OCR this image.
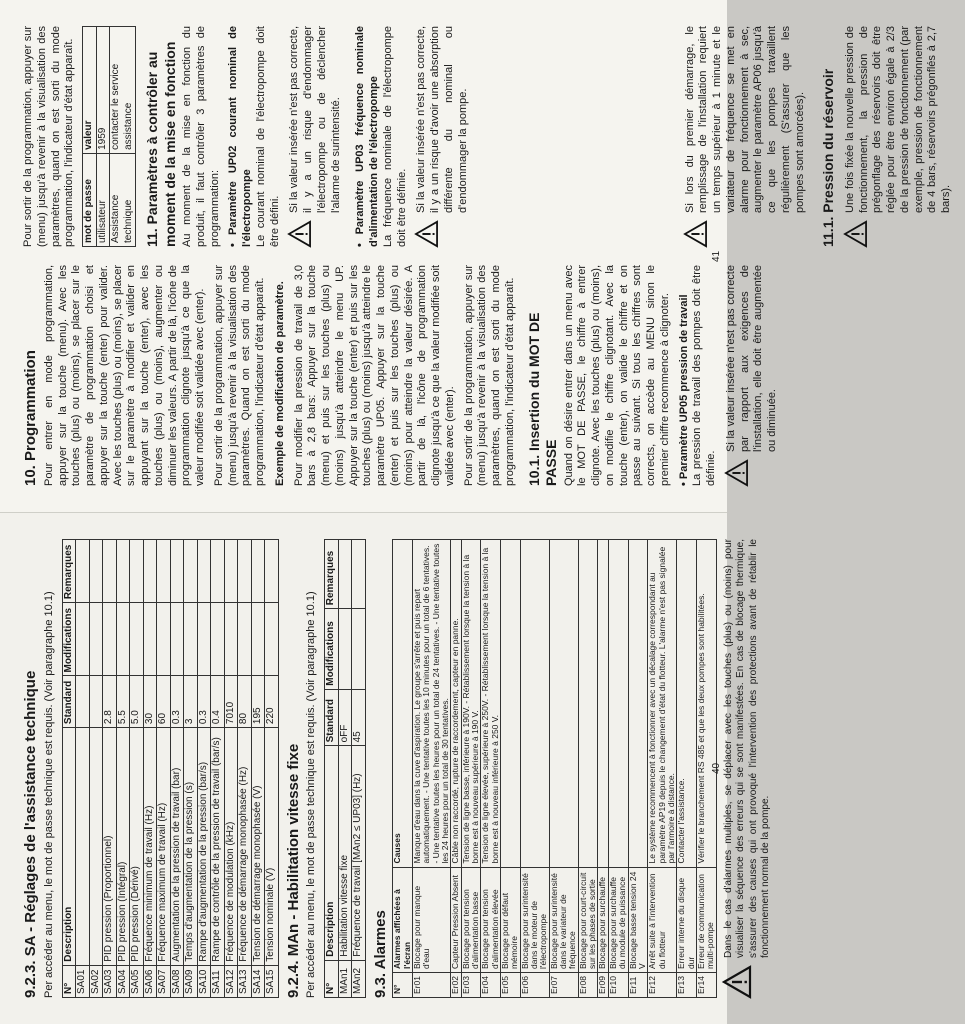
9.2.3. SA - Réglages de l'assistance technique Per accéder au menu, le mot de passe technique est requis. (Voir paragraphe 10.1) N°	Description	Standard	Modifications	Remarques
SA01				
SA02				
SA03	PID pression (Proportionnel)	2.8		
SA04	PID pression (Intégral)	5.5		
SA05	PID pression (Dérivé)	5.0		
SA06	Fréquence minimum de travail (Hz)	30		
SA07	Fréquence maximum de travail (Hz)	60		
SA08	Augmentation de la pression de travail (bar)	0.3		
SA09	Temps d'augmentation de la pression (s)	3		
SA10	Rampe d'augmentation de la pression (bar/s)	0.3		
SA11	Rampe de contrôle de la pression de travail (bar/s)	0.4		
SA12	Fréquence de modulation (kHz)	7010		
SA13	Fréquence de démarrage monophasée (Hz)	80		
SA14	Tension de démarrage monophasée (V)	195		
SA15	Tension nominale (V)	220		
9.2.4. MAn - Habilitation vitesse fixe Per accéder au menu, le mot de passe technique est requis. (Voir paragraphe 10.1) N°	Description	Standard	Modifications	Remarques
MAn1	Habilitation vitesse fixe	oFF		
MAn2	Fréquence de travail [MAn2 ≤ UP03] (Hz)	45		
9.3. Alarmes N°	Alarmes affichées à l'écran	Causes
Er01	Blocage pour manque d'eau	Manque d'eau dans la cuve d'aspiration. Le groupe s'arrête et puis repart automatiquement. - Une tentative toutes les 10 minutes pour un total de 6 tentatives. - Une tentative toutes les heures pour un total de 24 tentatives. - Une tentative toutes les 24 heures pour un total de 30 tentatives.
Er02	Capteur Pression Absent	Câble non raccordé, rupture de raccordement, capteur en panne.
Er03	Blocage pour tension d'alimentation basse	Tension de ligne basse, inférieure à 190V. - Rétablissement lorsque la tension à la borne est à nouveau supérieure à 190 V.
Er04	Blocage pour tension d'alimentation élevée	Tension de ligne élevée, supérieure à 250V. - Rétablissement lorsque la tension à la borne est à nouveau inférieure à 250 V.
Er05	Blocage pour défaut mémoire	
Er06	Blocage pour surintensité dans le moteur de l'électropompe	
Er07	Blocage pour surintensité dans le variateur de fréquence	
Er08	Blocage pour court-circuit sur les phases de sortie	
Er09	Blocage pour surchauffe	
Er10	Blocage pour surchauffe du module de puissance	
Er11	Blocage basse tension 24 V	
Er12	Arrêt suite à l'intervention du flotteur	Le système recommencent à fonctionner avec un décalage correspondant au paramètre AP19 depuis le changement d'état du flotteur. L'alarme n'est pas signalée par l'armoire à distance.
Er13	Erreur interne du disque dur	Contacter l'assistance.
Er14	Erreur de communication multi-pompe	Vérifier le branchement RS 485 et que les deux pompes sont habilitées. Dans le cas d'alarmes multiples, se déplacer avec les touches (plus) ou (moins) pour visualiser la séquence des erreurs qui se sont manifestées. En cas de blocage thermique, s'assurer des causes qui ont provoqué l'intervention des protections avant de rétablir le fonctionnement normal de la pompe.

40
10. Programmation Pour entrer en mode programmation, appuyer sur la touche (menu). Avec les touches (plus) ou (moins), se placer sur le paramètre de programmation choisi et appuyer sur la touche (enter) pour valider. Avec les touches (plus) ou (moins), se placer sur le paramètre à modifier et valider en appuyant sur la touche (enter), avec les touches (plus) ou (moins), augmenter ou diminuer les valeurs. A partir de là, l'icône de programmation clignote jusqu'à ce que la valeur modifiée soit validée avec (enter). Pour sortir de la programmation, appuyer sur (menu) jusqu'à revenir à la visualisation des paramètres. Quand on est sorti du mode programmation, l'indicateur d'état apparaît. Exemple de modification de paramètre. Pour modifier la pression de travail de 3,0 bars à 2,8 bars: Appuyer sur la touche (menu) et puis sur les touches (plus) ou (moins) jusqu'à atteindre le menu UP. Appuyer sur la touche (enter) et puis sur les touches (plus) ou (moins) jusqu'à atteindre le paramètre UP05. Appuyer sur la touche (enter) et puis sur les touches (plus) ou (moins) pour atteindre la valeur désirée. A partir de là, l'icône de programmation clignote jusqu'à ce que la valeur modifiée soit validée avec (enter). Pour sortir de la programmation, appuyer sur (menu) jusqu'à revenir à la visualisation des paramètres, quand on est sorti du mode programmation, l'indicateur d'état apparaît. 10.1. Insertion du MOT DE PASSE Quand on désire entrer dans un menu avec le MOT DE PASSE, le chiffre à entrer clignote. Avec les touches (plus) ou (moins), on modifie le chiffre clignotant. Avec la touche (enter), on valide le chiffre et on passe au suivant. Si tous les chiffres sont corrects, on accède au MENU sinon le premier chiffre recommence à clignoter.

Pour sortir de la programmation, appuyer sur (menu) jusqu'à revenir à la visualisation des paramètres, quand on est sorti du mode programmation, l'indicateur d'état apparaît. mot de passe	valeur
utilisateur	1959
Assistance technique	contacter le service assistance 11. Paramètres à contrôler au moment de la mise en fonction Au moment de la mise en fonction du produit, il faut contrôler 3 paramètres de programmation: • Paramètre UP02 courant nominal de l'électropompe Le courant nominal de l'électropompe doit être défini.

Si la valeur insérée n'est pas correcte, il y a un risque d'endommager l'électropompe ou de déclencher l'alarme de surintensité. • Paramètre UP03 fréquence nominale d'alimentation de l'électropompe La fréquence nominale de l'électropompe doit être définie. Si la valeur insérée n'est pas correcte, il y a un risque d'avoir une absorption différente du nominal ou d'endommager la pompe.

• Paramètre UP05 pression de travail La pression de travail des pompes doit être définie.

Si la valeur insérée n'est pas correcte par rapport aux exigences de l'installation, elle doit être augmentée ou diminuée.

Si lors du premier démarrage, le remplissage de l'installation requiert un temps supérieur à 1 minute et le variateur de fréquence se met en alarme pour fonctionnement à sec, augmenter le paramètre AP06 jusqu'à ce que les pompes travaillent régulièrement (S'assurer que les pompes sont amorcées). 11.1. Pression du réservoir Une fois fixée la nouvelle pression de fonctionnement, la pression de prégonflage des réservoirs doit être réglée pour être environ égale à 2/3 de la pression de fonctionnement (par exemple, pression de fonctionnement de 4 bars, réservoirs prégonflés à 2,7 bars).

41
